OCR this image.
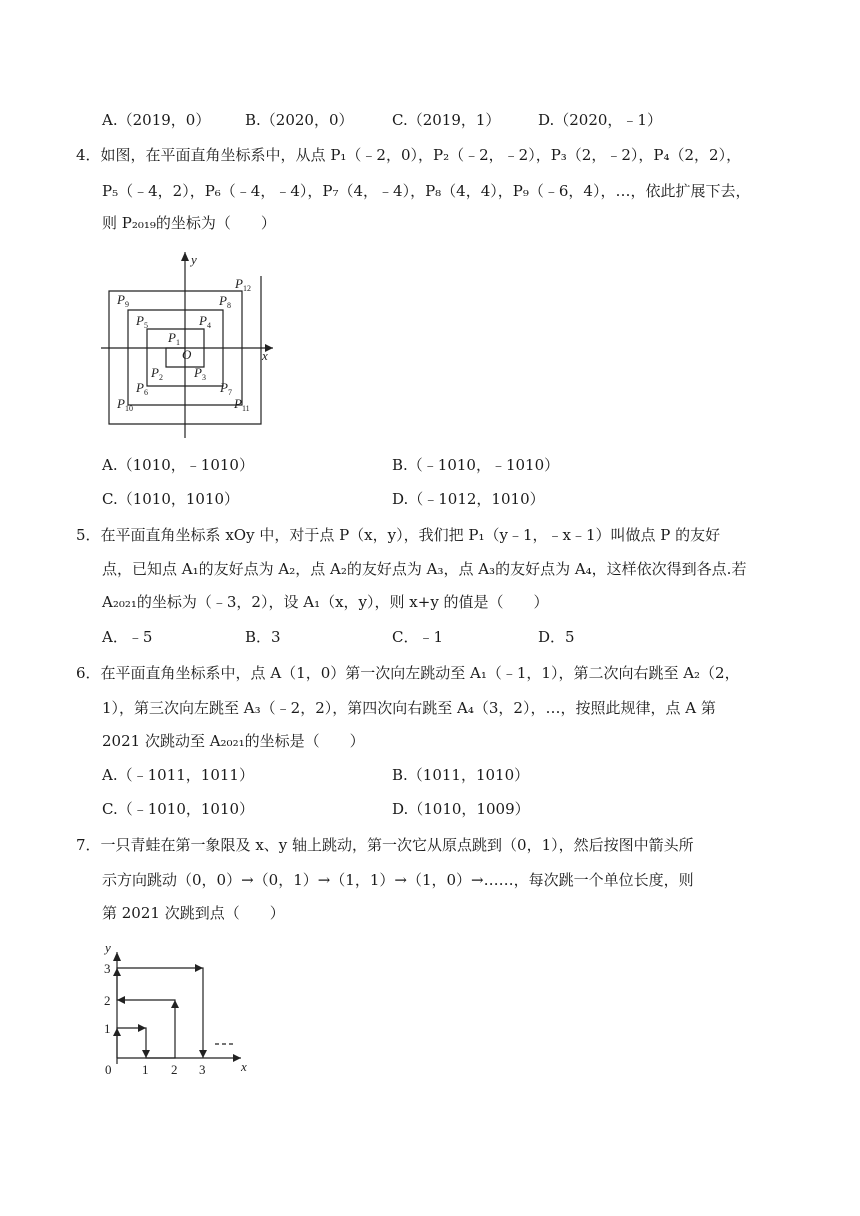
A.（2019，0） B.（2020，0）	C.（2019，1）	D.（2020，﹣1）
4．如图，在平面直角坐标系中，从点 P₁（﹣2，0），P₂（﹣2，﹣2），P₃（2，﹣2），P₄（2，2），
P₅（﹣4，2），P₆（﹣4，﹣4），P₇（4，﹣4），P₈（4，4），P₉（﹣6，4），…，依此扩展下去，
则 P₂₀₁₉的坐标为（　　）
y
x
O
$P_1$
$P_2$ $P_3$
$P_4$
$P_5$
$P_6$	$P_7$
$P_8$
$P_9$
$P_{10}$	$P_{11}$
$P_{12}$
A.（1010，﹣1010）	B.（﹣1010，﹣1010）
C.（1010，1010）	D.（﹣1012，1010）
5．在平面直角坐标系 xOy 中，对于点 P（x，y），我们把 P₁（y﹣1，﹣x﹣1）叫做点 P 的友好
点，已知点 A₁的友好点为 A₂，点 A₂的友好点为 A₃，点 A₃的友好点为 A₄，这样依次得到各点.若
A₂₀₂₁的坐标为（﹣3，2），设 A₁（x，y），则 x+y 的值是（　　）
A．﹣5	B．3	C．﹣1	D．5
6．在平面直角坐标系中，点 A（1，0）第一次向左跳动至 A₁（﹣1，1），第二次向右跳至 A₂（2，
1），第三次向左跳至 A₃（﹣2，2），第四次向右跳至 A₄（3，2），…，按照此规律，点 A 第
2021 次跳动至 A₂₀₂₁的坐标是（　　）
A.（﹣1011，1011）	B.（1011，1010）
C.（﹣1010，1010）	D.（1010，1009）
7．一只青蛙在第一象限及 x、y 轴上跳动，第一次它从原点跳到（0，1），然后按图中箭头所
示方向跳动（0，0）→（0，1）→（1，1）→（1，0）→……，每次跳一个单位长度，则
第 2021 次跳到点（　　）
y
x
0 1 2 3
1
2
3
